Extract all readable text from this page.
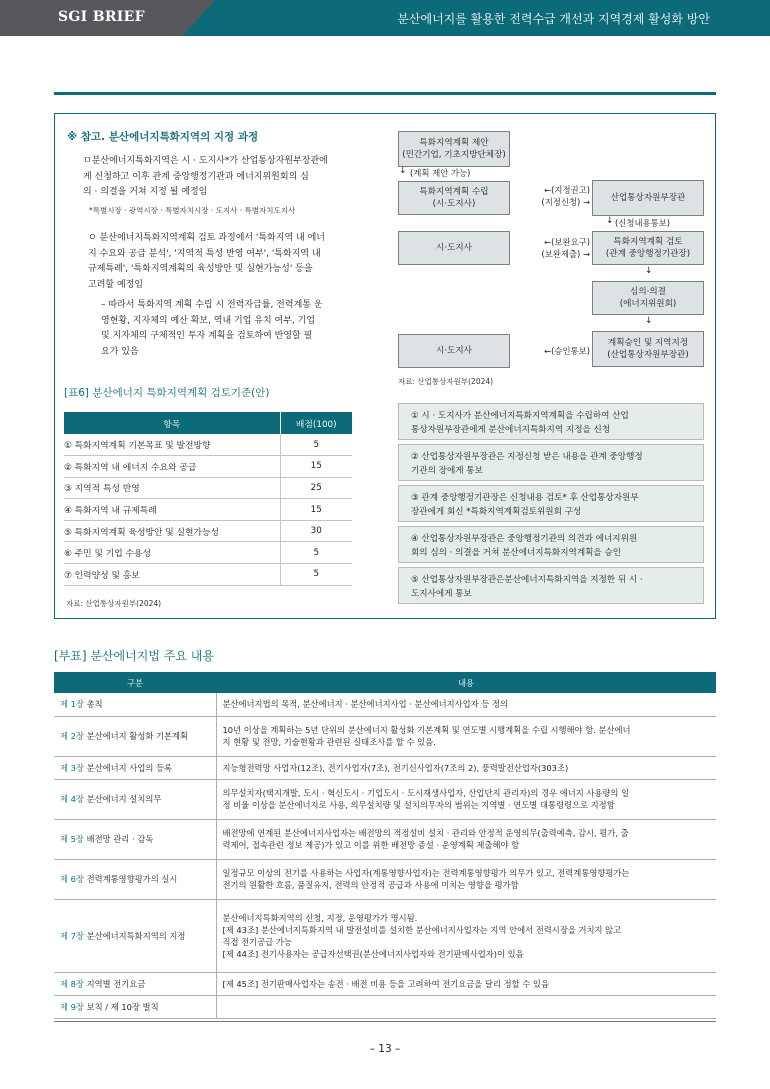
SGI BRIEF	분산에너지를 활용한 전력수급 개선과 지역경제 활성화 방안
※ 참고. 분산에너지특화지역의 지정 과정
ㅁ분산에너지특화지역은 시 · 도지사*가 산업통상자원부장관에
게 신청하고 이후 관계 중앙행정기관과 에너지위원회의 심
의 · 의결을 거쳐 지정 될 예정임
*특별시장 · 광역시장 · 특별자치시장 · 도지사 · 특별자치도지사
ㅇ 분산에너지특화지역계획 검토 과정에서 '특화지역 내 에너
지 수요와 공급 분석', '지역적 특성 반영 여부', '특화지역 내
규제특례', '특화지역계획의 육성방안 및 실현가능성' 등을
고려할 예정임
– 따라서 특화지역 계획 수립 시 전력자급률, 전력계통 운
영현황, 지자체의 예산 확보, 역내 기업 유치 여부, 기업
및 지자체의 구체적인 투자 계획을 검토하여 반영할 필
요가 있음
[표6] 분산에너지 특화지역계획 검토기준(안)
항목	배점(100)
① 특화지역계획 기본목표 및 발전방향	5
② 특화지역 내 에너지 수요와 공급	15
③ 지역적 특성 반영	25
④ 특화지역 내 규제특례	15
⑤ 특화지역계획 육성방안 및 실현가능성	30
⑥ 주민 및 기업 수용성	5
⑦ 인력양성 및 홍보	5
자료: 산업통상자원부(2024)
특화지역계획 제안
(민간기업, 기초지방단체장)
↓ (계획 제안 가능)
특화지역계획 수립
(시·도지사)
←(지정권고)
(지정신청) →	산업통상자원부장관
↓ (신청내용통보)
시·도지사
←(보완요구)
(보완제출) →
특화지역계획 검토
(관계 중앙행정기관장)
↓
심의·의결
(에너지위원회)
↓
시·도지사	←(승인통보)
계획승인 및 지역지정
(산업통상자원부장관)
자료: 산업통상자원부(2024)
① 시 · 도지사가 분산에너지특화지역계획을 수립하여 산업
통상자원부장관에게 분산에너지특화지역 지정을 신청
② 산업통상자원부장관은 지정신청 받은 내용을 관계 중앙행정
기관의 장에게 통보
③ 관계 중앙행정기관장은 신청내용 검토* 후 산업통상자원부
장관에게 회신 *특화지역계획검토위원회 구성
④ 산업통상자원부장관은 중앙행정기관의 의견과 에너지위원
회의 심의 · 의결을 거쳐 분산에너지특화지역계획을 승인
⑤ 산업통상자원부장관은분산에너지특화지역을 지정한 뒤 시 ·
도지사에게 통보
[부표] 분산에너지법 주요 내용
구분	내용
제 1장 총칙	분산에너지법의 목적, 분산에너지 · 분산에너지사업 · 분산에너지사업자 등 정의
제 2장 분산에너지 활성화 기본계획	10년 이상을 계획하는 5년 단위의 분산에너지 활성화 기본계획 및 연도별 시행계획을 수립 시행해야 함. 분산에너
지 현황 및 전망, 기술현황과 관련된 실태조사를 할 수 있음.
제 3장 분산에너지 사업의 등록	지능형전력망 사업자(12조), 전기사업자(7조), 전기신사업자(7조의 2), 풍력발전산업자(303조)
제 4장 분산에너지 설치의무	의무설치자(택지개발, 도시 · 혁신도시 · 기업도시 · 도시재생사업자, 산업단지 관리자)의 경우 에너지 사용량의 일
정 비율 이상을 분산에너지로 사용, 의무설치량 및 설치의무자의 범위는 지역별 · 연도별 대통령령으로 지정함
제 5장 배전망 관리 · 감독	배전망에 연계된 분산에너지사업자는 배전망의 적정설비 설치 · 관리와 안정적 운영의무(출력예측, 감시, 평가, 출
력제어, 접속관련 정보 제공)가 있고 이를 위한 배전망 증설 · 운영계획 제출해야 함
제 6장 전력계통영향평가의 실시	일정규모 이상의 전기를 사용하는 사업자(계통영향사업자)는 전력계통영향평가 의무가 있고, 전력계통영향평가는
전기의 원활한 흐름, 품질유지, 전력의 안정적 공급과 사용에 미치는 영향을 평가함
제 7장 분산에너지특화지역의 지정	분산에너지특화지역의 신청, 지정, 운영평가가 명시됨.
[제 43조] 분산에너지특화지역 내 발전설비를 설치한 분산에너지사업자는 지역 안에서 전력시장을 거치지 않고
직접 전기공급 가능
[제 44조] 전기사용자는 공급자선택권(분산에너지사업자와 전기판매사업자)이 있음
제 8장 지역별 전기요금	[제 45조] 전기판매사업자는 송전 · 배전 비용 등을 고려하여 전기요금을 달리 정할 수 있음
제 9장 보칙 / 제 10장 벌칙	
– 13 –
